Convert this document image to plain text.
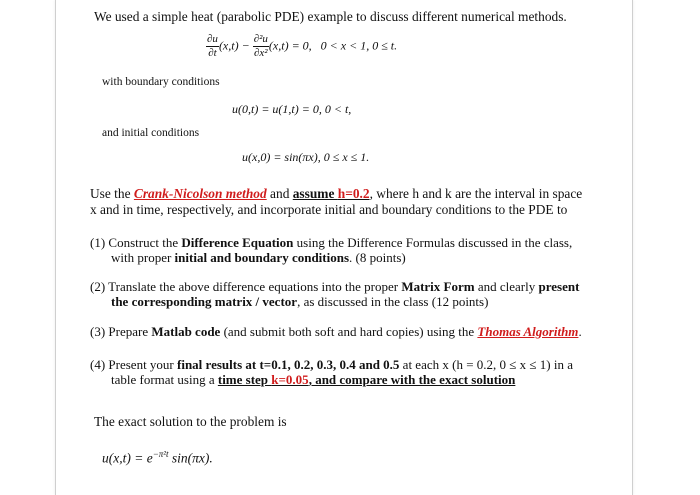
We used a simple heat (parabolic PDE) example to discuss different numerical methods.
$\frac{\partial u}{\partial t} (x,t) - \frac{\text{∂²u}}{\text{∂x²}} (x,t) = 0$, 0 < x < 1, 0 ≤ t.
with boundary conditions
u(0,t) = u(1,t) = 0, 0 < t,
and initial conditions
u(x,0) = sin(πx), 0 ≤ x ≤ 1.
Use the Crank-Nicolson method and assume h=0.2, where h and k are the interval in space
x and in time, respectively, and incorporate initial and boundary conditions to the PDE to
(1) Construct the Difference Equation using the Difference Formulas discussed in the class,
with proper initial and boundary conditions. (8 points)
(2) Translate the above difference equations into the proper Matrix Form and clearly present
the corresponding matrix / vector, as discussed in the class (12 points)
(3) Prepare Matlab code (and submit both soft and hard copies) using the Thomas Algorithm.
(4) Present your final results at t=0.1, 0.2, 0.3, 0.4 and 0.5 at each x (h = 0.2, 0 ≤ x ≤ 1) in a
table format using a time step k=0.05, and compare with the exact solution
The exact solution to the problem is
$u(x,t) = e^{-\pi^2t}$ sin(πx).
